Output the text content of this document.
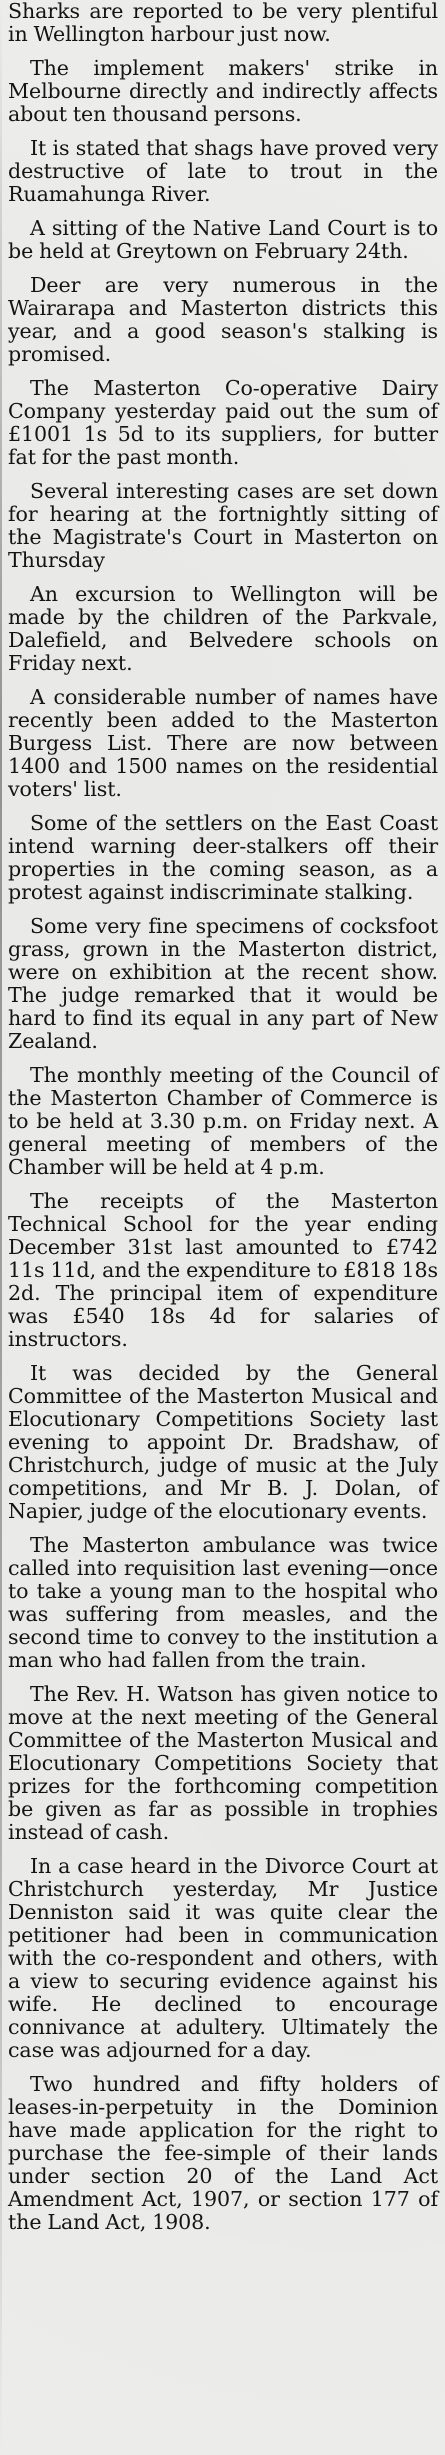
Sharks are reported to be very plentiful in Wellington harbour just now.

The implement makers' strike in Melbourne directly and indirectly affects about ten thousand persons.

It is stated that shags have proved very destructive of late to trout in the Ruamahunga River.

A sitting of the Native Land Court is to be held at Greytown on February 24th.

Deer are very numerous in the Wairarapa and Masterton districts this year, and a good season's stalking is promised.

The Masterton Co-operative Dairy Company yesterday paid out the sum of £1001 1s 5d to its suppliers, for butter fat for the past month.

Several interesting cases are set down for hearing at the fortnightly sitting of the Magistrate's Court in Masterton on Thursday

An excursion to Wellington will be made by the children of the Parkvale, Dalefield, and Belvedere schools on Friday next.

A considerable number of names have recently been added to the Masterton Burgess List. There are now between 1400 and 1500 names on the residential voters' list.

Some of the settlers on the East Coast intend warning deer-stalkers off their properties in the coming season, as a protest against indiscriminate stalking.

Some very fine specimens of cocksfoot grass, grown in the Masterton district, were on exhibition at the recent show. The judge remarked that it would be hard to find its equal in any part of New Zealand.

The monthly meeting of the Council of the Masterton Chamber of Commerce is to be held at 3.30 p.m. on Friday next. A general meeting of members of the Chamber will be held at 4 p.m.

The receipts of the Masterton Technical School for the year ending December 31st last amounted to £742 11s 11d, and the expenditure to £818 18s 2d. The principal item of expenditure was £540 18s 4d for salaries of instructors.

It was decided by the General Committee of the Masterton Musical and Elocutionary Competitions Society last evening to appoint Dr. Bradshaw, of Christchurch, judge of music at the July competitions, and Mr B. J. Dolan, of Napier, judge of the elocutionary events.

The Masterton ambulance was twice called into requisition last evening—once to take a young man to the hospital who was suffering from measles, and the second time to convey to the institution a man who had fallen from the train.

The Rev. H. Watson has given notice to move at the next meeting of the General Committee of the Masterton Musical and Elocutionary Competitions Society that prizes for the forthcoming competition be given as far as possible in trophies instead of cash.

In a case heard in the Divorce Court at Christchurch yesterday, Mr Justice Denniston said it was quite clear the petitioner had been in communication with the co-respondent and others, with a view to securing evidence against his wife. He declined to encourage connivance at adultery. Ultimately the case was adjourned for a day.

Two hundred and fifty holders of leases-in-perpetuity in the Dominion have made application for the right to purchase the fee-simple of their lands under section 20 of the Land Act Amendment Act, 1907, or section 177 of the Land Act, 1908.
